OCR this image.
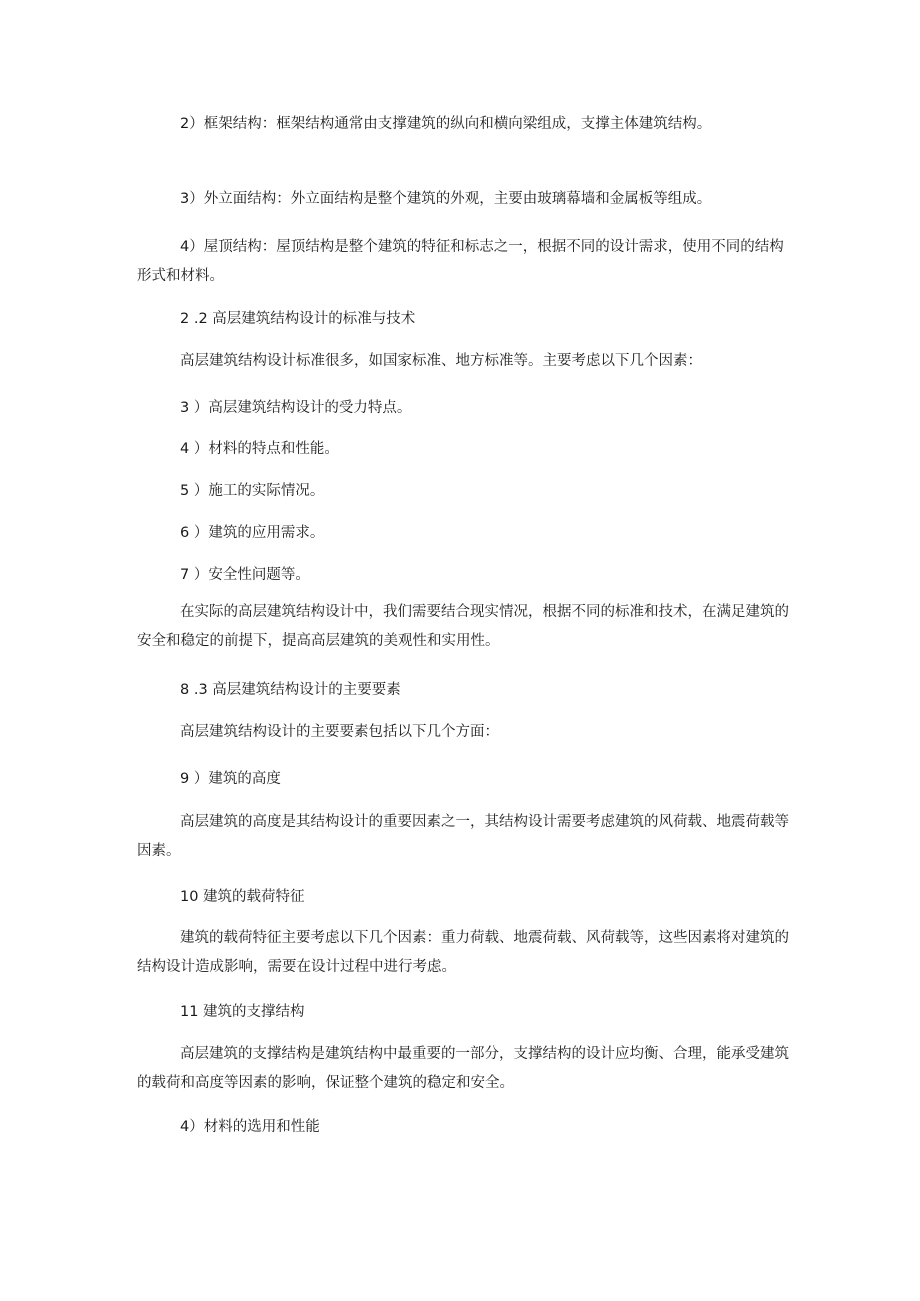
2）框架结构：框架结构通常由支撑建筑的纵向和横向梁组成，支撑主体建筑结构。

3）外立面结构：外立面结构是整个建筑的外观，主要由玻璃幕墙和金属板等组成。

4）屋顶结构：屋顶结构是整个建筑的特征和标志之一，根据不同的设计需求，使用不同的结构形式和材料。

2 .2 高层建筑结构设计的标准与技术

高层建筑结构设计标准很多，如国家标准、地方标准等。主要考虑以下几个因素：

3 ）高层建筑结构设计的受力特点。

4 ）材料的特点和性能。

5 ）施工的实际情况。

6 ）建筑的应用需求。

7 ）安全性问题等。

在实际的高层建筑结构设计中，我们需要结合现实情况，根据不同的标准和技术，在满足建筑的安全和稳定的前提下，提高高层建筑的美观性和实用性。

8 .3 高层建筑结构设计的主要要素

高层建筑结构设计的主要要素包括以下几个方面：

9 ）建筑的高度

高层建筑的高度是其结构设计的重要因素之一，其结构设计需要考虑建筑的风荷载、地震荷载等因素。

10 建筑的载荷特征

建筑的载荷特征主要考虑以下几个因素：重力荷载、地震荷载、风荷载等，这些因素将对建筑的结构设计造成影响，需要在设计过程中进行考虑。

11 建筑的支撑结构

高层建筑的支撑结构是建筑结构中最重要的一部分，支撑结构的设计应均衡、合理，能承受建筑的载荷和高度等因素的影响，保证整个建筑的稳定和安全。

4）材料的选用和性能
